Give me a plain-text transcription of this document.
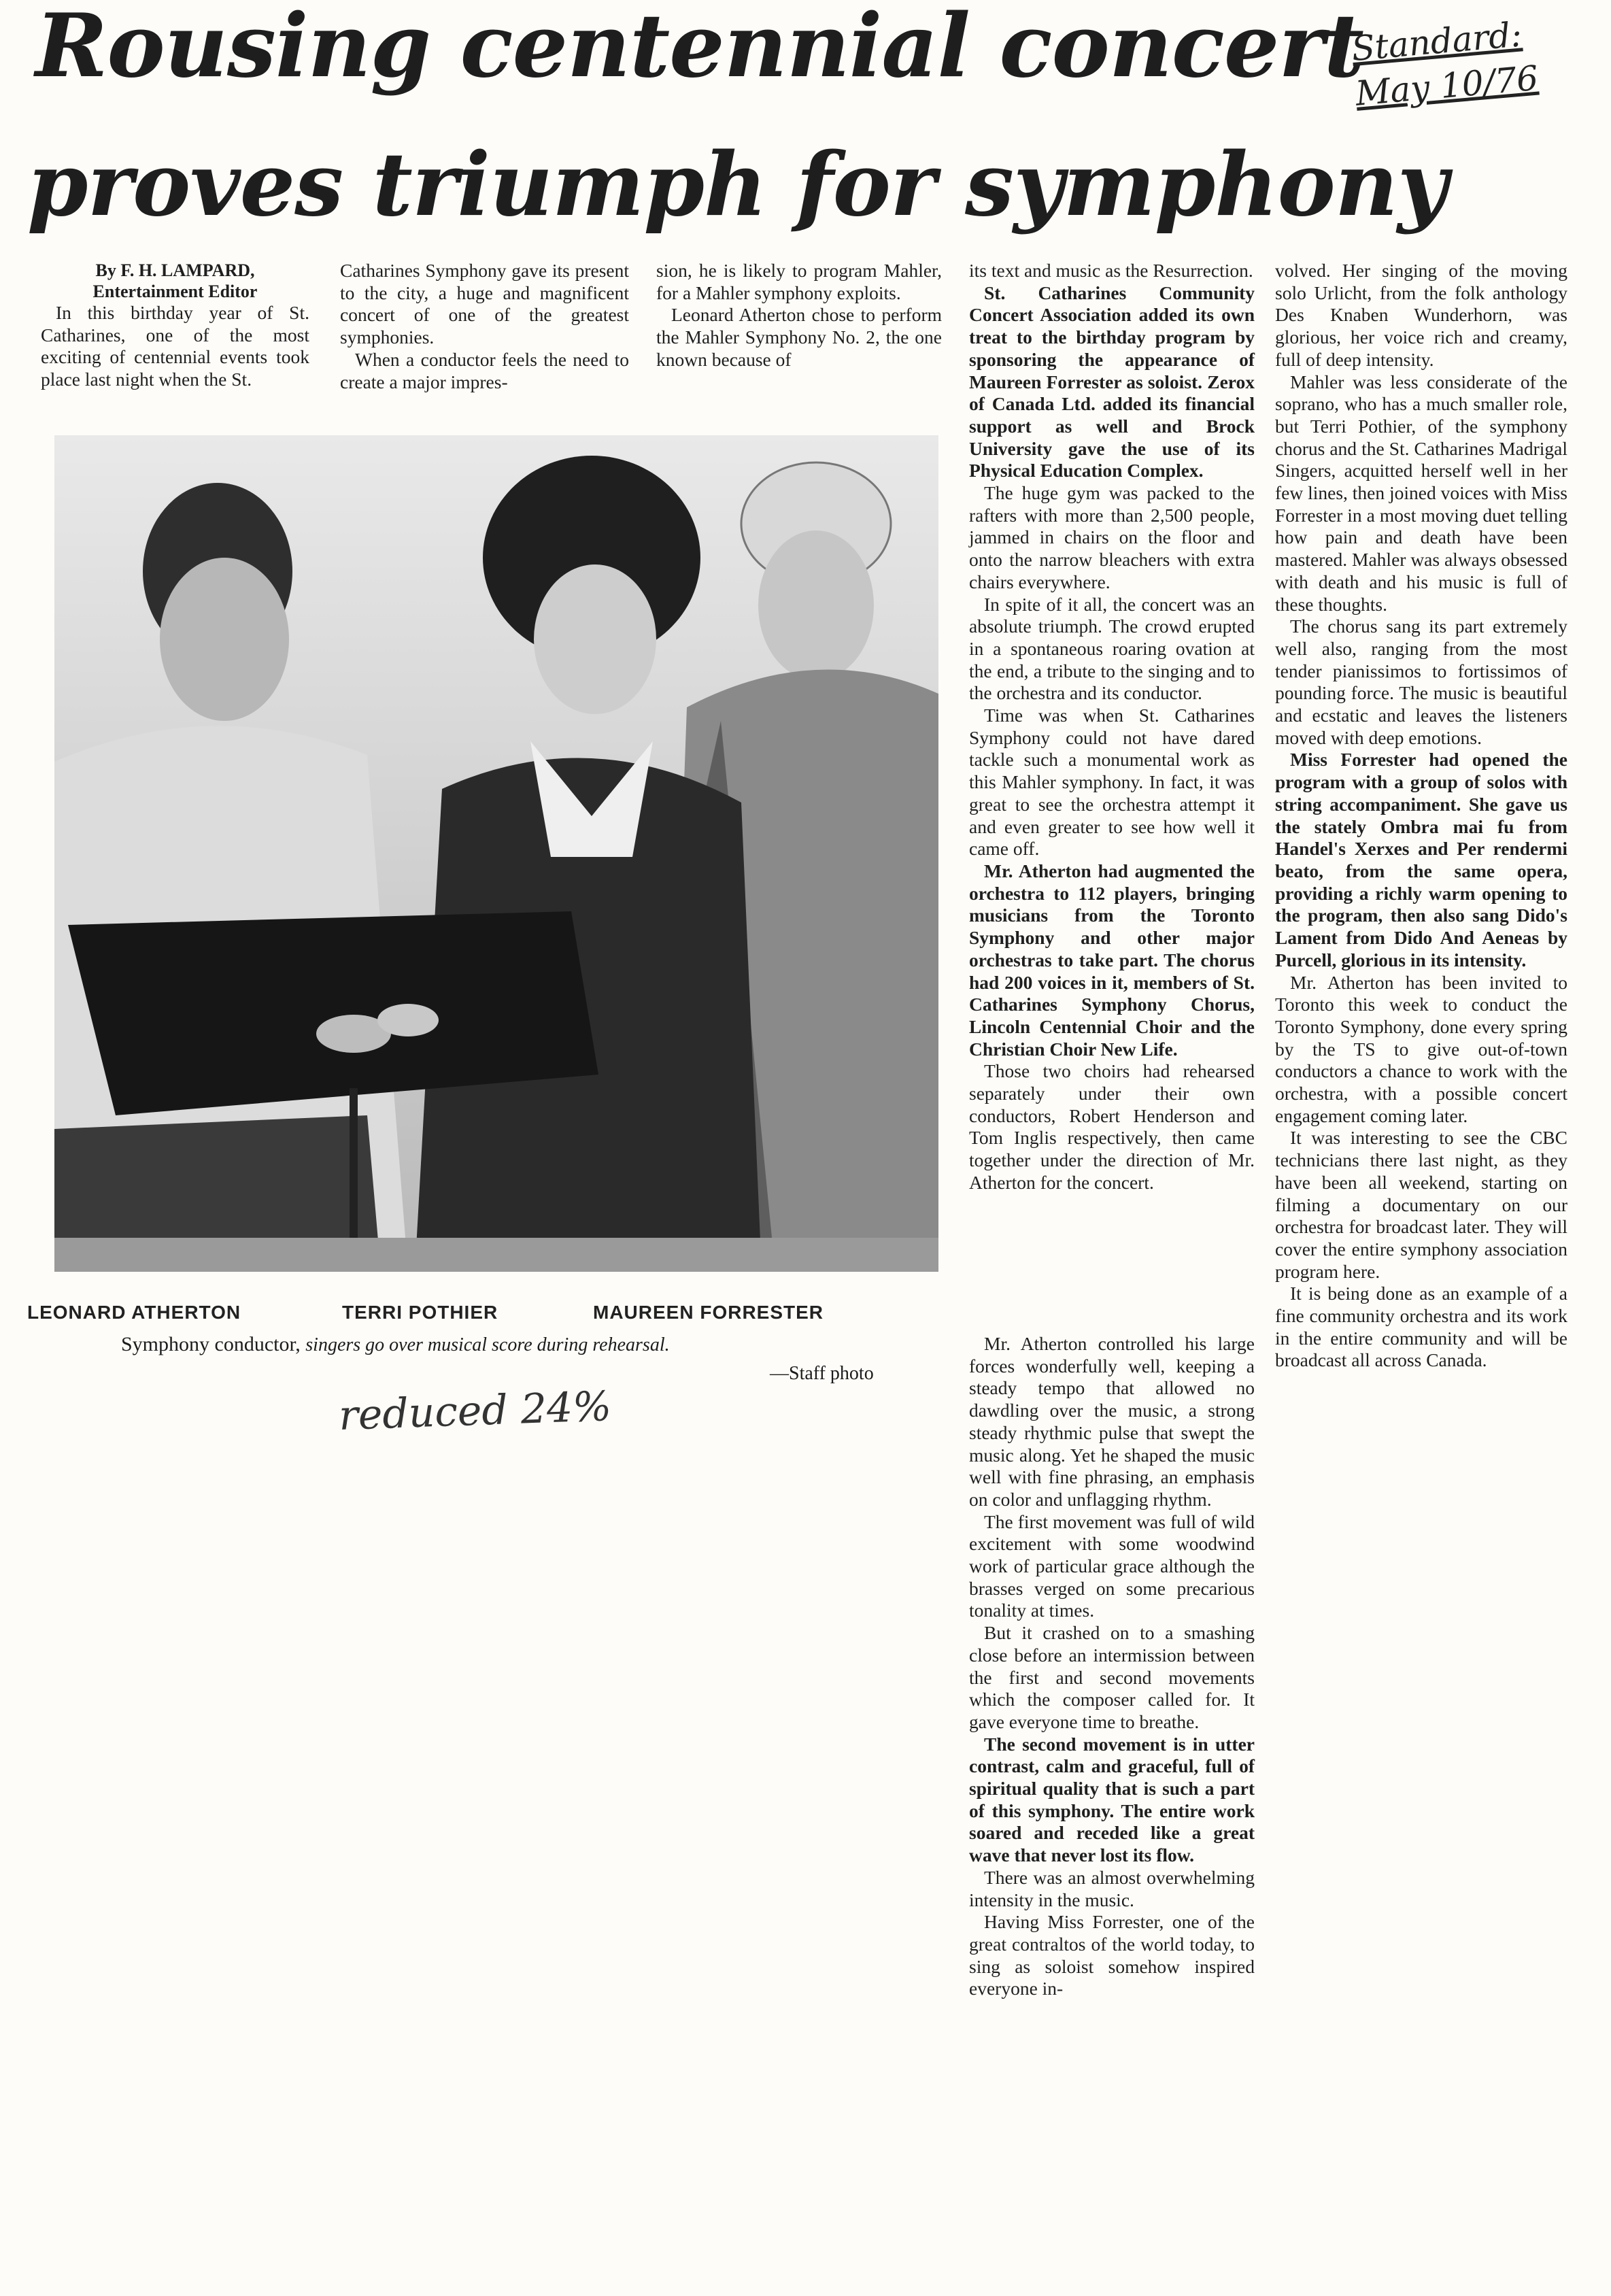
Rousing centennial concert
proves triumph for symphony
Standard:
May 10/76
By F. H. LAMPARD,
Entertainment Editor

In this birthday year of St. Catharines, one of the most exciting of centennial events took place last night when the St.

Catharines Symphony gave its present to the city, a huge and magnificent concert of one of the greatest symphonies.

When a conductor feels the need to create a major impres-

sion, he is likely to program Mahler, for a Mahler symphony exploits.

Leonard Atherton chose to perform the Mahler Symphony No. 2, the one known because of

its text and music as the Resurrection.

St. Catharines Community Concert Association added its own treat to the birthday program by sponsoring the appearance of Maureen Forrester as soloist. Zerox of Canada Ltd. added its financial support as well and Brock University gave the use of its Physical Education Complex.

The huge gym was packed to the rafters with more than 2,500 people, jammed in chairs on the floor and onto the narrow bleachers with extra chairs everywhere.

In spite of it all, the concert was an absolute triumph. The crowd erupted in a spontaneous roaring ovation at the end, a tribute to the singing and to the orchestra and its conductor.

Time was when St. Catharines Symphony could not have dared tackle such a monumental work as this Mahler symphony. In fact, it was great to see the orchestra attempt it and even greater to see how well it came off.

Mr. Atherton had augmented the orchestra to 112 players, bringing musicians from the Toronto Symphony and other major orchestras to take part. The chorus had 200 voices in it, members of St. Catharines Symphony Chorus, Lincoln Centennial Choir and the Christian Choir New Life.

Those two choirs had rehearsed separately under their own conductors, Robert Henderson and Tom Inglis respectively, then came together under the direction of Mr. Atherton for the concert.

Mr. Atherton controlled his large forces wonderfully well, keeping a steady tempo that allowed no dawdling over the music, a strong steady rhythmic pulse that swept the music along. Yet he shaped the music well with fine phrasing, an emphasis on color and unflagging rhythm.

The first movement was full of wild excitement with some woodwind work of particular grace although the brasses verged on some precarious tonality at times.

But it crashed on to a smashing close before an intermission between the first and second movements which the composer called for. It gave everyone time to breathe.

The second movement is in utter contrast, calm and graceful, full of spiritual quality that is such a part of this symphony. The entire work soared and receded like a great wave that never lost its flow.

There was an almost overwhelming intensity in the music.

Having Miss Forrester, one of the great contraltos of the world today, to sing as soloist somehow inspired everyone in-

volved. Her singing of the moving solo Urlicht, from the folk anthology Des Knaben Wunderhorn, was glorious, her voice rich and creamy, full of deep intensity.

Mahler was less considerate of the soprano, who has a much smaller role, but Terri Pothier, of the symphony chorus and the St. Catharines Madrigal Singers, acquitted herself well in her few lines, then joined voices with Miss Forrester in a most moving duet telling how pain and death have been mastered. Mahler was always obsessed with death and his music is full of these thoughts.

The chorus sang its part extremely well also, ranging from the most tender pianissimos to fortissimos of pounding force. The music is beautiful and ecstatic and leaves the listeners moved with deep emotions.

Miss Forrester had opened the program with a group of solos with string accompaniment. She gave us the stately Ombra mai fu from Handel's Xerxes and Per rendermi beato, from the same opera, providing a richly warm opening to the program, then also sang Dido's Lament from Dido And Aeneas by Purcell, glorious in its intensity.

Mr. Atherton has been invited to Toronto this week to conduct the Toronto Symphony, done every spring by the TS to give out-of-town conductors a chance to work with the orchestra, with a possible concert engagement coming later.

It was interesting to see the CBC technicians there last night, as they have been all weekend, starting on filming a documentary on our orchestra for broadcast later. They will cover the entire symphony association program here.

It is being done as an example of a fine community orchestra and its work in the entire community and will be broadcast all across Canada.

LEONARD ATHERTON	TERRI POTHIER	MAUREEN FORRESTER
Symphony conductor, singers go over musical score during rehearsal.
—Staff photo
reduced 24%
